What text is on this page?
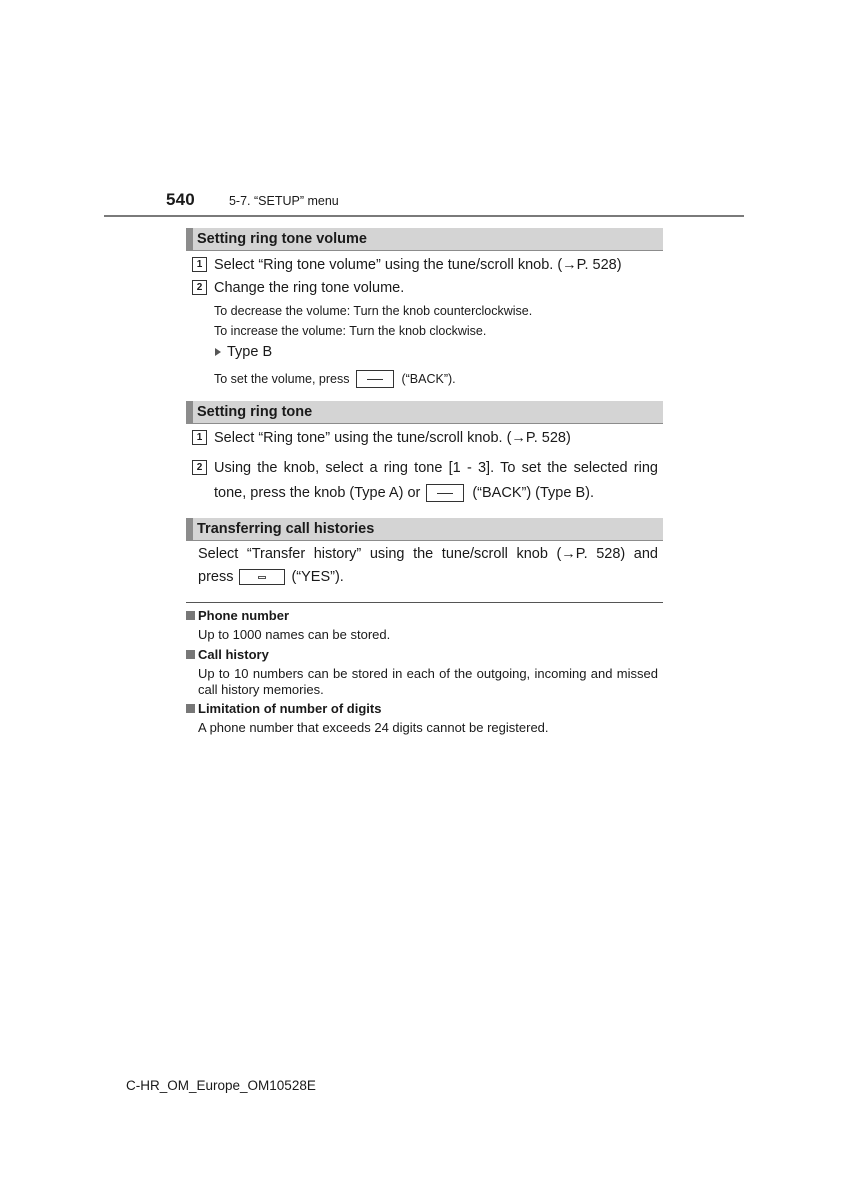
540	5-7. “SETUP” menu
Setting ring tone volume
1 Select “Ring tone volume” using the tune/scroll knob. (→P. 528)
2 Change the ring tone volume.
To decrease the volume: Turn the knob counterclockwise.
To increase the volume: Turn the knob clockwise.
Type B
To set the volume, press	(“BACK”).
Setting ring tone
1 Select “Ring tone” using the tune/scroll knob. (→P. 528)
2 Using the knob, select a ring tone [1 - 3]. To set the selected ring
tone, press the knob (Type A) or	(“BACK”) (Type B).
Transferring call histories
Select “Transfer history” using the tune/scroll knob (→P. 528) and
press	(“YES”).
Phone number
Up to 1000 names can be stored.
Call history
Up to 10 numbers can be stored in each of the outgoing, incoming and missed call history memories.
Limitation of number of digits
A phone number that exceeds 24 digits cannot be registered.
C-HR_OM_Europe_OM10528E
